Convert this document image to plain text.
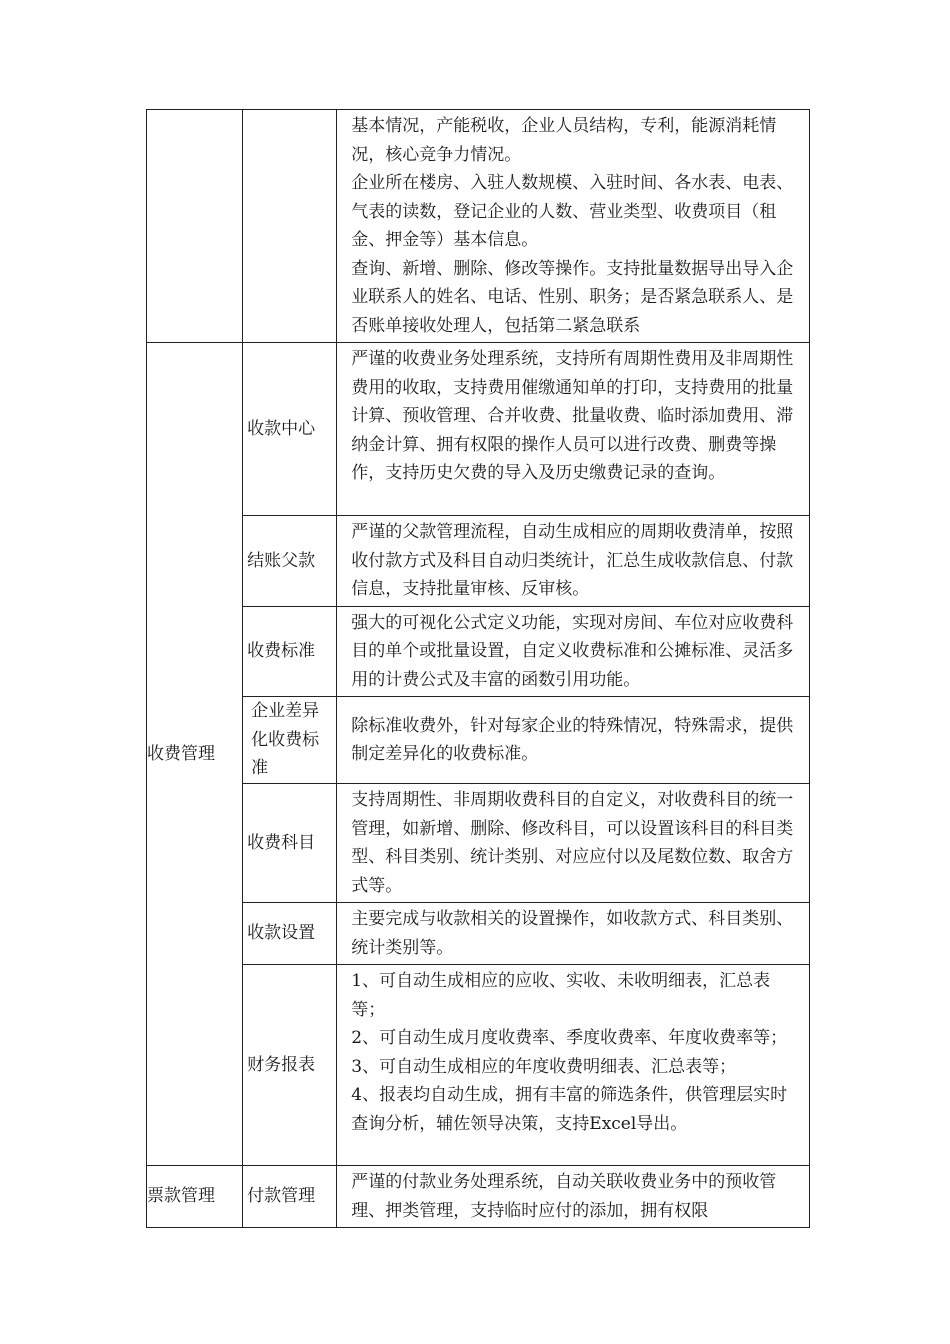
		基本情况，产能税收，企业人员结构，专利，能源消耗情况，核心竞争力情况。

企业所在楼房、入驻人数规模、入驻时间、各水表、电表、气表的读数，登记企业的人数、营业类型、收费项目（租金、押金等）基本信息。

查询、新增、删除、修改等操作。支持批量数据导出导入企业联系人的姓名、电话、性别、职务；是否紧急联系人、是否账单接收处理人，包括第二紧急联系

收费管理	收款中心	严谨的收费业务处理系统，支持所有周期性费用及非周期性费用的收取，支持费用催缴通知单的打印，支持费用的批量计算、预收管理、合并收费、批量收费、临时添加费用、滞纳金计算、拥有权限的操作人员可以进行改费、删费等操作，支持历史欠费的导入及历史缴费记录的查询。

	结账父款	严谨的父款管理流程，自动生成相应的周期收费清单，按照收付款方式及科目自动归类统计，汇总生成收款信息、付款信息，支持批量审核、反审核。

	收费标准	强大的可视化公式定义功能，实现对房间、车位对应收费科目的单个或批量设置，自定义收费标准和公摊标准、灵活多用的计费公式及丰富的函数引用功能。

	企业差异化收费标准	除标准收费外，针对每家企业的特殊情况，特殊需求，提供制定差异化的收费标准。

	收费科目	支持周期性、非周期收费科目的自定义，对收费科目的统一管理，如新增、删除、修改科目，可以设置该科目的科目类型、科目类别、统计类别、对应应付以及尾数位数、取舍方式等。

	收款设置	主要完成与收款相关的设置操作，如收款方式、科目类别、统计类别等。

	财务报表	1、可自动生成相应的应收、实收、未收明细表，汇总表等；

2、可自动生成月度收费率、季度收费率、年度收费率等；

3、可自动生成相应的年度收费明细表、汇总表等；

4、报表均自动生成，拥有丰富的筛选条件，供管理层实时查询分析，辅佐领导决策，支持Excel导出。

票款管理	付款管理	严谨的付款业务处理系统，自动关联收费业务中的预收管理、押类管理，支持临时应付的添加，拥有权限
